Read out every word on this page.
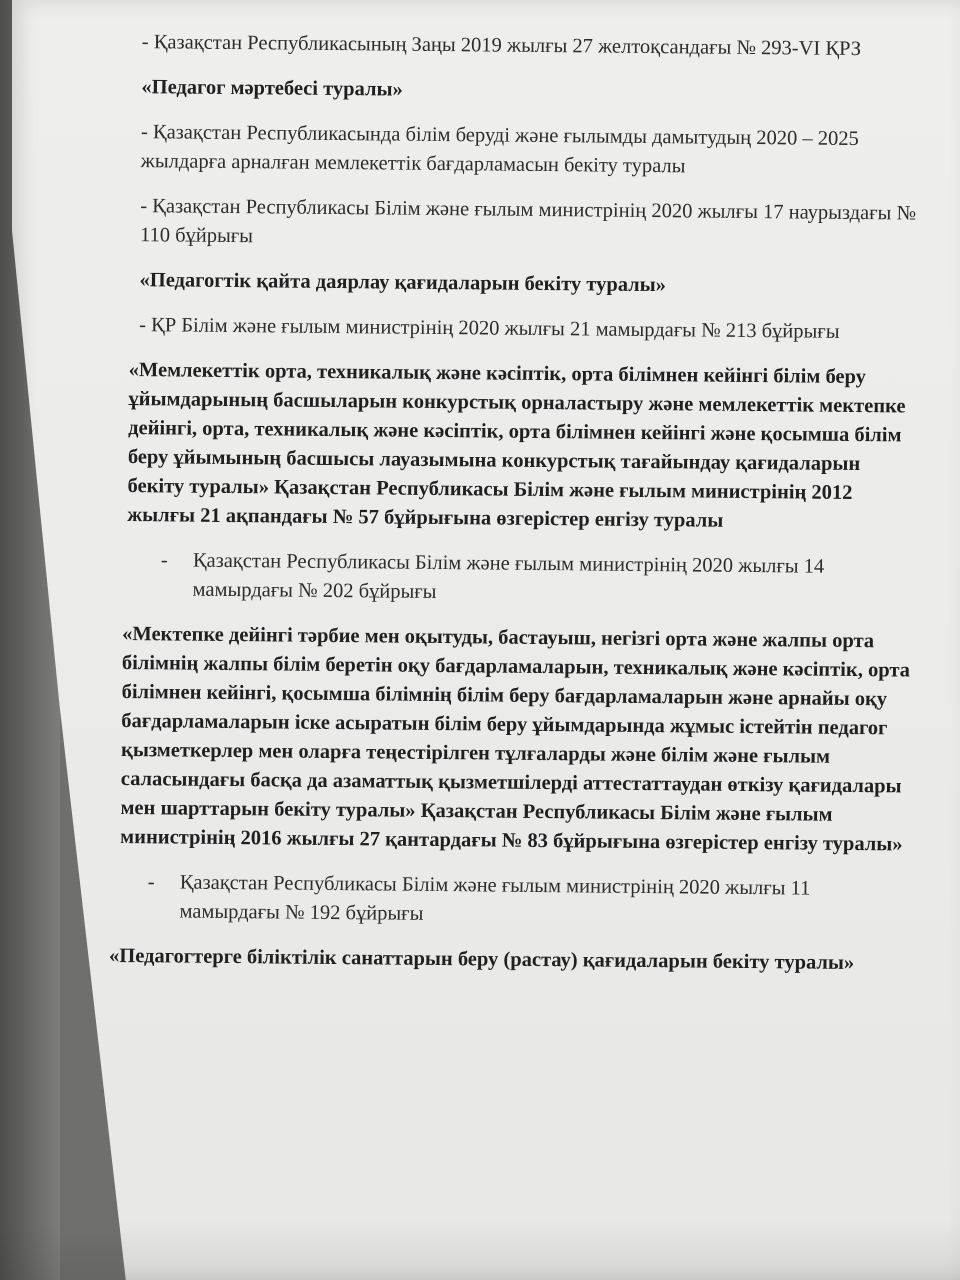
- Қазақстан Республикасының Заңы 2019 жылғы 27 желтоқсандағы № 293-VI ҚРЗ

«Педагог мәртебесі туралы»

- Қазақстан Республикасында білім беруді және ғылымды дамытудың 2020 – 2025 жылдарға арналған мемлекеттік бағдарламасын бекіту туралы

- Қазақстан Республикасы Білім және ғылым министрінің 2020 жылғы 17 наурыздағы № 110 бұйрығы

«Педагогтік қайта даярлау қағидаларын бекіту туралы»

- ҚР Білім және ғылым министрінің 2020 жылғы 21 мамырдағы № 213 бұйрығы

«Мемлекеттік орта, техникалық және кәсіптік, орта білімнен кейінгі білім беру ұйымдарының басшыларын конкурстық орналастыру және мемлекеттік мектепке дейінгі, орта, техникалық және кәсіптік, орта білімнен кейінгі және қосымша білім беру ұйымының басшысы лауазымына конкурстық тағайындау қағидаларын бекіту туралы» Қазақстан Республикасы Білім және ғылым министрінің 2012 жылғы 21 ақпандағы № 57 бұйрығына өзгерістер енгізу туралы

- Қазақстан Республикасы Білім және ғылым министрінің 2020 жылғы 14 мамырдағы № 202 бұйрығы

«Мектепке дейінгі тәрбие мен оқытуды, бастауыш, негізгі орта және жалпы орта білімнің жалпы білім беретін оқу бағдарламаларын, техникалық және кәсіптік, орта білімнен кейінгі, қосымша білімнің білім беру бағдарламаларын және арнайы оқу бағдарламаларын іске асыратын білім беру ұйымдарында жұмыс істейтін педагог қызметкерлер мен оларға теңестірілген тұлғаларды және білім және ғылым саласындағы басқа да азаматтық қызметшілерді аттестаттаудан өткізу қағидалары мен шарттарын бекіту туралы» Қазақстан Республикасы Білім және ғылым министрінің 2016 жылғы 27 қантардағы № 83 бұйрығына өзгерістер енгізу туралы»

- Қазақстан Республикасы Білім және ғылым министрінің 2020 жылғы 11 мамырдағы № 192 бұйрығы

«Педагогтерге біліктілік санаттарын беру (растау) қағидаларын бекіту туралы»
